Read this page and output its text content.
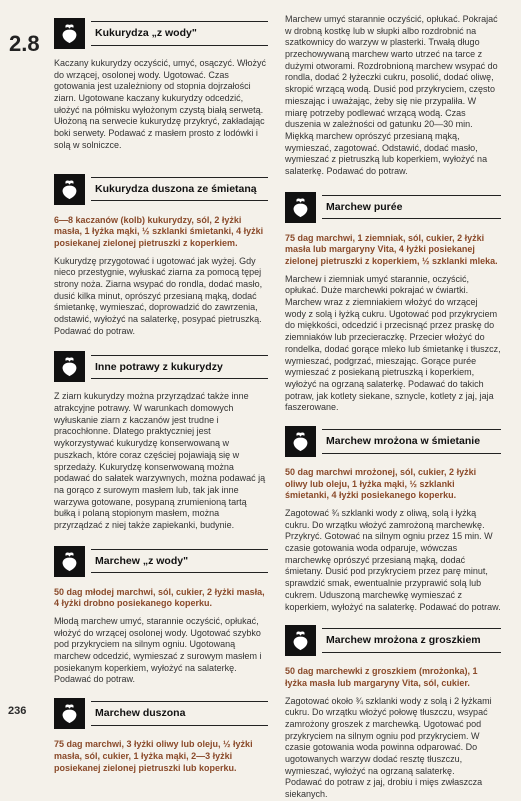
2.8	Kukurydza „z wody"

Kaczany kukurydzy oczyścić, umyć, osączyć. Włożyć do wrzącej, osolonej wody. Ugotować. Czas gotowania jest uzależniony od stopnia dojrzałości ziarn. Ugotowane kaczany kukurydzy odcedzić, ułożyć na półmisku wyłożonym czystą białą serwetą. Ułożoną na serwecie kukurydzę przykryć, zakładając boki serwety. Podawać z masłem prosto z lodówki i solą w solniczce.

Kukurydza duszona ze śmietaną

6—8 kaczanów (kolb) kukurydzy, sól, 2 łyżki masła, 1 łyżka mąki, ½ szklanki śmietanki, 4 łyżki posiekanej zielonej pietruszki z koperkiem.

Kukurydzę przygotować i ugotować jak wyżej. Gdy nieco przestygnie, wyłuskać ziarna za pomocą tępej strony noża. Ziarna wsypać do rondla, dodać masło, dusić kilka minut, oprószyć przesianą mąką, dodać śmietankę, wymieszać, doprowadzić do zawrzenia, odstawić, wyłożyć na salaterkę, posypać pietruszką. Podawać do potraw.

Inne potrawy z kukurydzy

Z ziarn kukurydzy można przyrządzać także inne atrakcyjne potrawy. W warunkach domowych wyłuskanie ziarn z kaczanów jest trudne i pracochłonne. Dlatego praktyczniej jest wykorzystywać kukurydzę konserwowaną w puszkach, które coraz częściej pojawiają się w sprzedaży. Kukurydzę konserwowaną można podawać do sałatek warzywnych, można podawać ją na gorąco z surowym masłem lub, tak jak inne warzywa gotowane, posypaną zrumienioną tartą bułką i polaną stopionym masłem, można przyrządzać z niej także zapiekanki, budynie.

Marchew „z wody"

50 dag młodej marchwi, sól, cukier, 2 łyżki masła, 4 łyżki drobno posiekanego koperku.

Młodą marchew umyć, starannie oczyścić, opłukać, włożyć do wrzącej osolonej wody. Ugotować szybko pod przykryciem na silnym ogniu. Ugotowaną marchew odcedzić, wymieszać z surowym masłem i posiekanym koperkiem, wyłożyć na salaterkę. Podawać do potraw.

Marchew duszona

75 dag marchwi, 3 łyżki oliwy lub oleju, ½ łyżki masła, sól, cukier, 1 łyżka mąki, 2—3 łyżki posiekanej zielonej pietruszki lub koperku.

Marchew umyć starannie oczyścić, opłukać. Pokrajać w drobną kostkę lub w słupki albo rozdrobnić na szatkownicy do warzyw w plasterki. Trwałą długo przechowywaną marchew warto utrzeć na tarce z dużymi otworami. Rozdrobnioną marchew wsypać do rondla, dodać 2 łyżeczki cukru, posolić, dodać oliwę, skropić wrzącą wodą. Dusić pod przykryciem, często mieszając i uważając, żeby się nie przypaliła. W miarę potrzeby podlewać wrzącą wodą. Czas duszenia w zależności od gatunku 20—30 min. Miękką marchew oprószyć przesianą mąką, wymieszać, zagotować. Odstawić, dodać masło, wymieszać z pietruszką lub koperkiem, wyłożyć na salaterkę. Podawać do potraw.

Marchew purée

75 dag marchwi, 1 ziemniak, sól, cukier, 2 łyżki masła lub margaryny Vita, 4 łyżki posiekanej zielonej pietruszki z koperkiem, ½ szklanki mleka.

Marchew i ziemniak umyć starannie, oczyścić, opłukać. Duże marchewki pokrajać w ćwiartki. Marchew wraz z ziemniakiem włożyć do wrzącej wody z solą i łyżką cukru. Ugotować pod przykryciem do miękkości, odcedzić i przecisnąć przez praskę do ziemniaków lub przecieraczkę. Przecier włożyć do rondelka, dodać gorące mleko lub śmietankę i tłuszcz, wymieszać, podgrzać, mieszając. Gorące purée wymieszać z posiekaną pietruszką i koperkiem, wyłożyć na ogrzaną salaterkę. Podawać do takich potraw, jak kotlety siekane, sznycle, kotlety z jaj, jaja faszerowane.

Marchew mrożona w śmietanie

50 dag marchwi mrożonej, sól, cukier, 2 łyżki oliwy lub oleju, 1 łyżka mąki, ½ szklanki śmietanki, 4 łyżki posiekanego koperku.

Zagotować ¾ szklanki wody z oliwą, solą i łyżką cukru. Do wrzątku włożyć zamrożoną marchewkę. Przykryć. Gotować na silnym ogniu przez 15 min. W czasie gotowania woda odparuje, wówczas marchewkę oprószyć przesianą mąką, dodać śmietany. Dusić pod przykryciem przez parę minut, sprawdzić smak, ewentualnie przyprawić solą lub cukrem. Uduszoną marchewkę wymieszać z koperkiem, wyłożyć na salaterkę. Podawać do potraw.

Marchew mrożona z groszkiem

50 dag marchewki z groszkiem (mrożonka), 1 łyżka masła lub margaryny Vita, sól, cukier.

Zagotować około ¾ szklanki wody z solą i 2 łyżkami cukru. Do wrzątku włożyć połowę tłuszczu, wsypać zamrożony groszek z marchewką. Ugotować pod przykryciem na silnym ogniu pod przykryciem. W czasie gotowania woda powinna odparować. Do ugotowanych warzyw dodać resztę tłuszczu, wymieszać, wyłożyć na ogrzaną salaterkę.

Podawać do potraw z jaj, drobiu i mięs zwłaszcza siekanych.

236
